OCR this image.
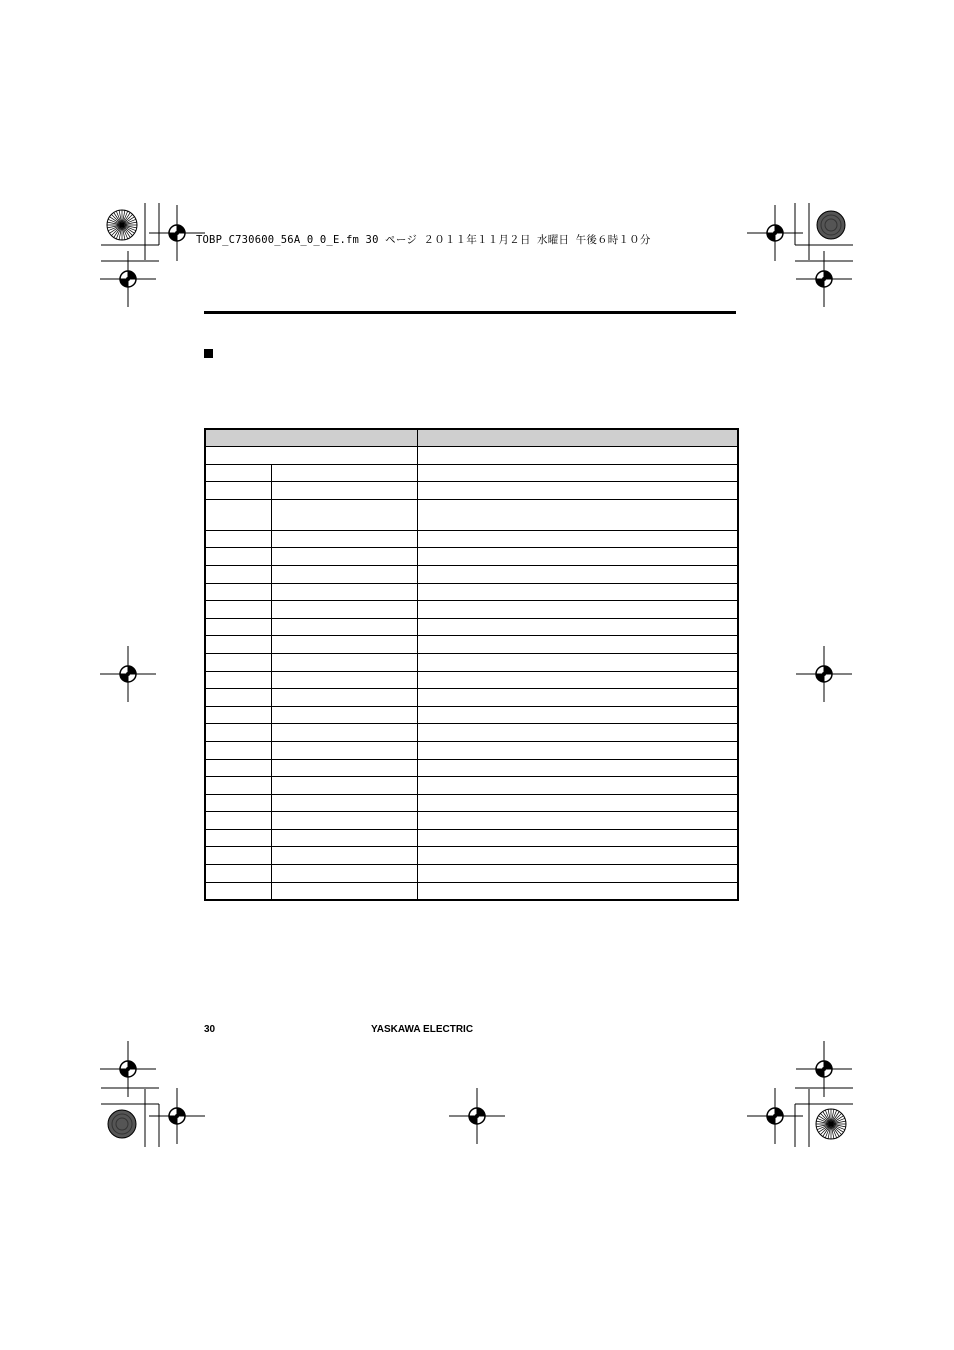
TOBP_C730600_56A_0_0_E.fm 30 ページ ２０１１年１１月２日 水曜日 午後６時１０分

30	YASKAWA ELECTRIC
